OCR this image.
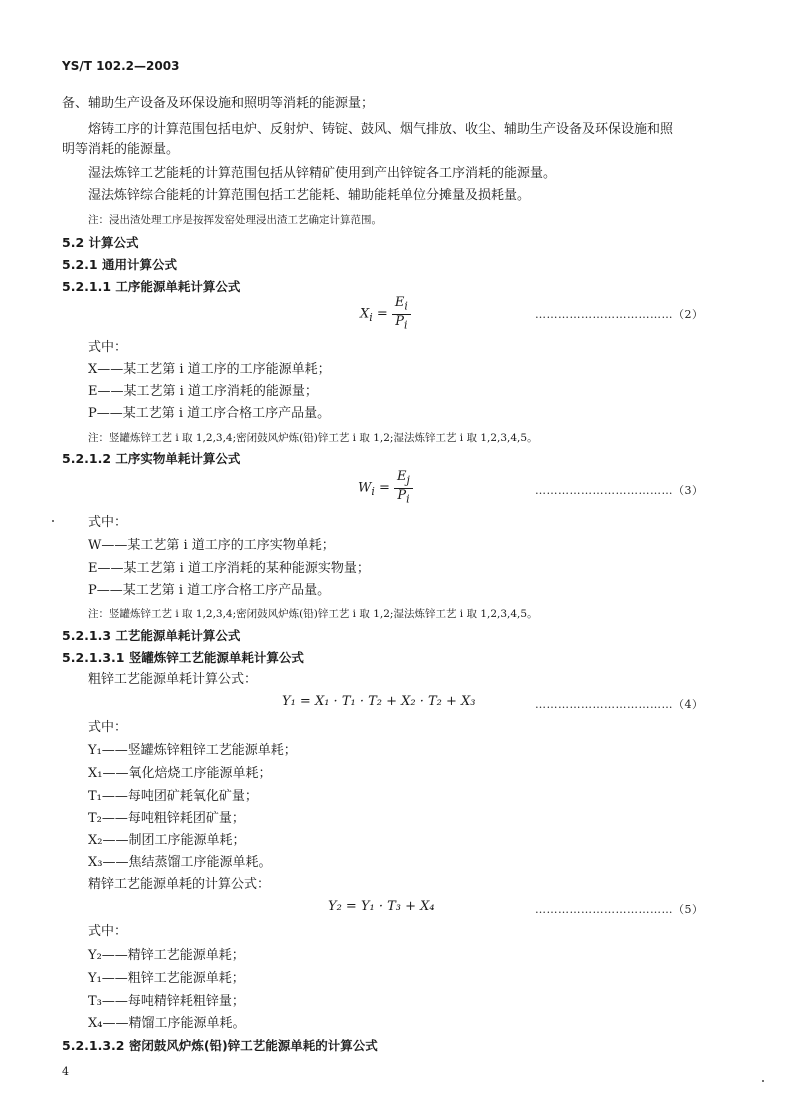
YS/T 102.2—2003
备、辅助生产设备及环保设施和照明等消耗的能源量；
熔铸工序的计算范围包括电炉、反射炉、铸锭、鼓风、烟气排放、收尘、辅助生产设备及环保设施和照
明等消耗的能源量。
湿法炼锌工艺能耗的计算范围包括从锌精矿使用到产出锌锭各工序消耗的能源量。
湿法炼锌综合能耗的计算范围包括工艺能耗、辅助能耗单位分摊量及损耗量。
注：浸出渣处理工序是按挥发窑处理浸出渣工艺确定计算范围。
5.2 计算公式
5.2.1 通用计算公式
5.2.1.1 工序能源单耗计算公式
$X_i = \frac{E_i}{P_i}$	………………………………（2）
式中：
X——某工艺第 i 道工序的工序能源单耗；
E——某工艺第 i 道工序消耗的能源量；
P——某工艺第 i 道工序合格工序产品量。
注：竖罐炼锌工艺 i 取 1,2,3,4;密闭鼓风炉炼(铅)锌工艺 i 取 1,2;湿法炼锌工艺 i 取 1,2,3,4,5。
5.2.1.2 工序实物单耗计算公式
$W_i = \frac{E_j}{P_i}$	………………………………（3）
式中：
W——某工艺第 i 道工序的工序实物单耗；
E——某工艺第 i 道工序消耗的某种能源实物量；
P——某工艺第 i 道工序合格工序产品量。
注：竖罐炼锌工艺 i 取 1,2,3,4;密闭鼓风炉炼(铅)锌工艺 i 取 1,2;湿法炼锌工艺 i 取 1,2,3,4,5。
5.2.1.3 工艺能源单耗计算公式
5.2.1.3.1 竖罐炼锌工艺能源单耗计算公式
粗锌工艺能源单耗计算公式：
Y₁ = X₁ · T₁ · T₂ + X₂ · T₂ + X₃	………………………………（4）
式中：
Y₁——竖罐炼锌粗锌工艺能源单耗；
X₁——氧化焙烧工序能源单耗；
T₁——每吨团矿耗氧化矿量；
T₂——每吨粗锌耗团矿量；
X₂——制团工序能源单耗；
X₃——焦结蒸馏工序能源单耗。
精锌工艺能源单耗的计算公式：
Y₂ = Y₁ · T₃ + X₄	………………………………（5）
式中：
Y₂——精锌工艺能源单耗；
Y₁——粗锌工艺能源单耗；
T₃——每吨精锌耗粗锌量；
X₄——精馏工序能源单耗。
5.2.1.3.2 密闭鼓风炉炼(铅)锌工艺能源单耗的计算公式
4
